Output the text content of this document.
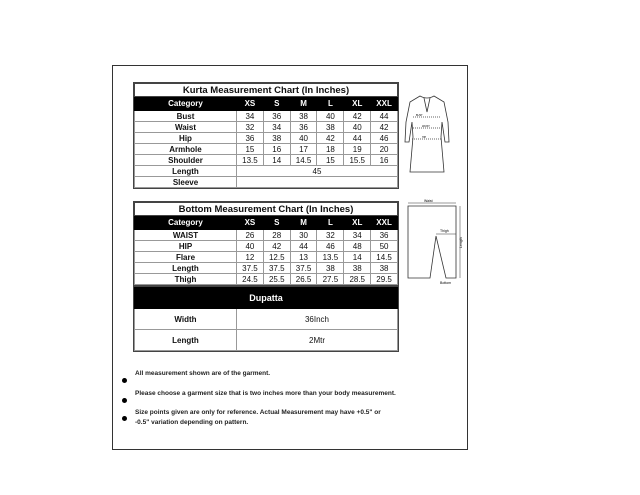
Kurta Measurement Chart (In Inches)						
Category	XS	S	M	L	XL	XXL
Bust	34	36	38	40	42	44
Waist	32	34	36	38	40	42
Hip	36	38	40	42	44	46
Armhole	15	16	17	18	19	20
Shoulder	13.5	14	14.5	15	15.5	16
Length	45					
Sleeve						
Bottom Measurement Chart (In Inches)						
Category	XS	S	M	L	XL	XXL
WAIST	26	28	30	32	34	36
HIP	40	42	44	46	48	50
Flare	12	12.5	13	13.5	14	14.5
Length	37.5	37.5	37.5	38	38	38
Thigh	24.5	25.5	26.5	27.5	28.5	29.5
Dupatta	
Width	36Inch
Length	2Mtr
BUST
WAIST
HIP
Waist
Thigh
Length
Bottom
All measurement shown are of the garment.
Please choose a garment size that is two inches more than your body measurement.
Size points given are only for reference. Actual Measurement may have +0.5" or -0.5" variation depending on pattern.
